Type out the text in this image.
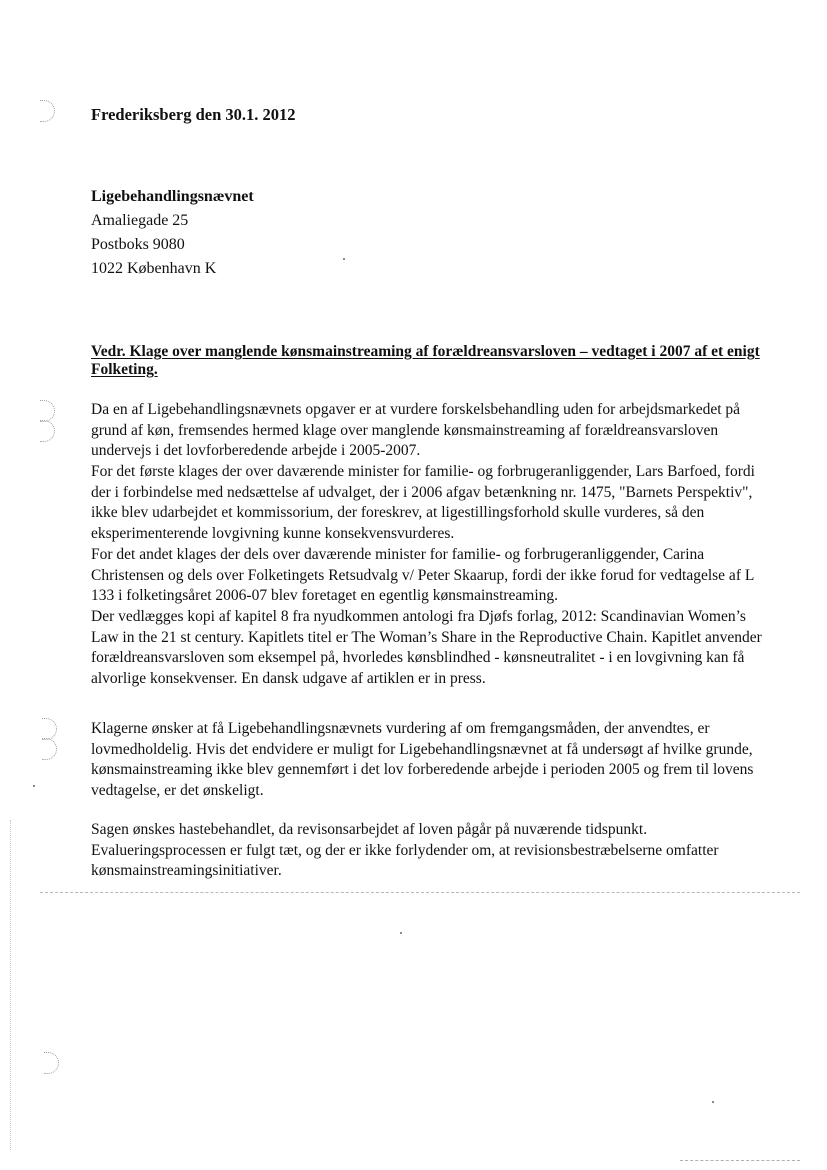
Frederiksberg den 30.1. 2012

Ligebehandlingsnævnet
Amaliegade 25
Postboks 9080
1022 København K

Vedr. Klage over manglende kønsmainstreaming af forældreansvarsloven – vedtaget i 2007 af et enigt Folketing.

Da en af Ligebehandlingsnævnets opgaver er at vurdere forskelsbehandling uden for arbejdsmarkedet på grund af køn, fremsendes hermed klage over manglende kønsmainstreaming af forældreansvarsloven undervejs i det lovforberedende arbejde i 2005-2007.

For det første klages der over daværende minister for familie- og forbrugeranliggender, Lars Barfoed, fordi der i forbindelse med nedsættelse af udvalget, der i 2006 afgav betænkning nr. 1475, "Barnets Perspektiv", ikke blev udarbejdet et kommissorium, der foreskrev, at ligestillingsforhold skulle vurderes, så den eksperimenterende lovgivning kunne konsekvensvurderes.

For det andet klages der dels over daværende minister for familie- og forbrugeranliggender, Carina Christensen og dels over Folketingets Retsudvalg v/ Peter Skaarup, fordi der ikke forud for vedtagelse af L 133 i folketingsåret 2006-07 blev foretaget en egentlig kønsmainstreaming.

Der vedlægges kopi af kapitel 8 fra nyudkommen antologi fra Djøfs forlag, 2012: Scandinavian Women’s Law in the 21 st century. Kapitlets titel er The Woman’s Share in the Reproductive Chain. Kapitlet anvender forældreansvarsloven som eksempel på, hvorledes kønsblindhed - kønsneutralitet - i en lovgivning kan få alvorlige konsekvenser. En dansk udgave af artiklen er in press.

Klagerne ønsker at få Ligebehandlingsnævnets vurdering af om fremgangsmåden, der anvendtes, er lovmedholdelig. Hvis det endvidere er muligt for Ligebehandlingsnævnet at få undersøgt af hvilke grunde, kønsmainstreaming ikke blev gennemført i det lov forberedende arbejde i perioden 2005 og frem til lovens vedtagelse, er det ønskeligt.

Sagen ønskes hastebehandlet, da revisonsarbejdet af loven pågår på nuværende tidspunkt. Evalueringsprocessen er fulgt tæt, og der er ikke forlydender om, at revisionsbestræbelserne omfatter kønsmainstreamingsinitiativer.
